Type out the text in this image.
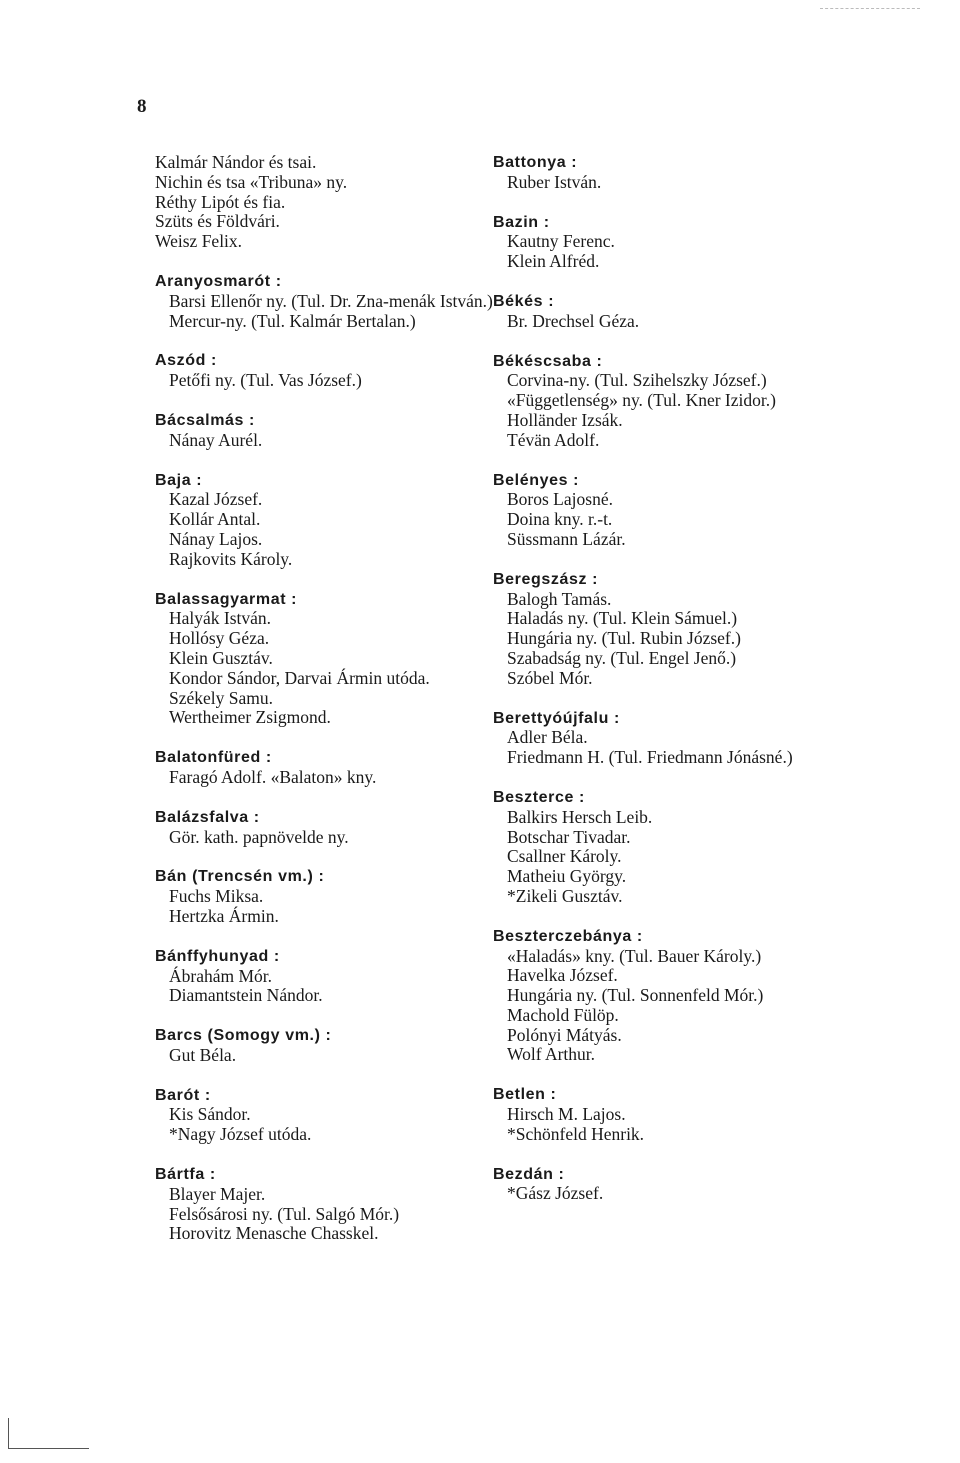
8
Kalmár Nándor és tsai.
Nichin és tsa «Tribuna» ny.
Réthy Lipót és fia.
Szüts és Földvári.
Weisz Felix.
Aranyosmarót :
Barsi Ellenőr ny. (Tul. Dr. Zna-menák István.)
Mercur-ny. (Tul. Kalmár Bertalan.)
Aszód :
Petőfi ny. (Tul. Vas József.)
Bácsalmás :
Nánay Aurél.
Baja :
Kazal József.
Kollár Antal.
Nánay Lajos.
Rajkovits Károly.
Balassagyarmat :
Halyák István.
Hollósy Géza.
Klein Gusztáv.
Kondor Sándor, Darvai Ármin utóda.
Székely Samu.
Wertheimer Zsigmond.
Balatonfüred :
Faragó Adolf. «Balaton» kny.
Balázsfalva :
Gör. kath. papnövelde ny.
Bán (Trencsén vm.) :
Fuchs Miksa.
Hertzka Ármin.
Bánffyhunyad :
Ábrahám Mór.
Diamantstein Nándor.
Barcs (Somogy vm.) :
Gut Béla.
Barót :
Kis Sándor.
*Nagy József utóda.
Bártfa :
Blayer Majer.
Felsősárosi ny. (Tul. Salgó Mór.)
Horovitz Menasche Chasskel.
Battonya :
Ruber István.
Bazin :
Kautny Ferenc.
Klein Alfréd.
Békés :
Br. Drechsel Géza.
Békéscsaba :
Corvina-ny. (Tul. Szihelszky József.)
«Függetlenség» ny. (Tul. Kner Izidor.)
Holländer Izsák.
Tévän Adolf.
Belényes :
Boros Lajosné.
Doina kny. r.-t.
Süssmann Lázár.
Beregszász :
Balogh Tamás.
Haladás ny. (Tul. Klein Sámuel.)
Hungária ny. (Tul. Rubin József.)
Szabadság ny. (Tul. Engel Jenő.)
Szóbel Mór.
Berettyóújfalu :
Adler Béla.
Friedmann H. (Tul. Friedmann Jónásné.)
Beszterce :
Balkirs Hersch Leib.
Botschar Tivadar.
Csallner Károly.
Matheiu György.
*Zikeli Gusztáv.
Beszterczebánya :
«Haladás» kny. (Tul. Bauer Károly.)
Havelka József.
Hungária ny. (Tul. Sonnenfeld Mór.)
Machold Fülöp.
Polónyi Mátyás.
Wolf Arthur.
Betlen :
Hirsch M. Lajos.
*Schönfeld Henrik.
Bezdán :
*Gász József.
